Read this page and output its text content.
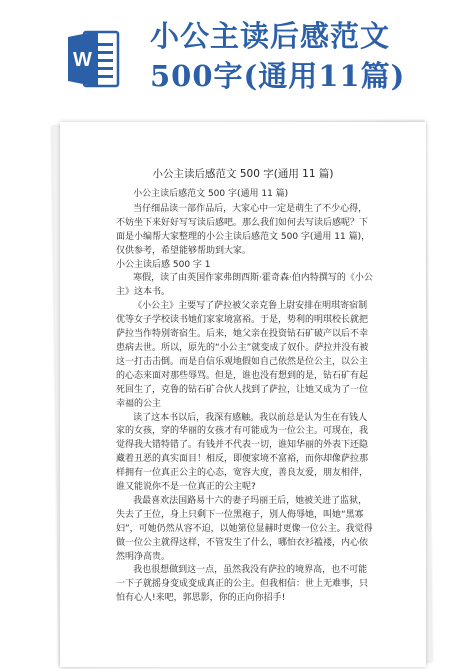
W
小公主读后感范文
500字(通用11篇)
小公主读后感范文 500 字(通用 11 篇)

小公主读后感范文 500 字(通用 11 篇)

当仔细品读一部作品后，大家心中一定是萌生了不少心得，不妨坐下来好好写写读后感吧。那么我们如何去写读后感呢？下面是小编帮大家整理的小公主读后感范文 500 字(通用 11 篇)，仅供参考，希望能够帮助到大家。

小公主读后感 500 字 1

寒假，读了由英国作家弗朗西斯·霍奇森·伯内特撰写的《小公主》这本书。

《小公主》主要写了萨拉被父亲克鲁上尉安排在明琪寄宿制优等女子学校读书她们家家境富裕。于是，势利的明琪校长就把萨拉当作特别寄宿生。后来，她父亲在投资钻石矿破产以后不幸患病去世。所以，原先的“小公主”就变成了奴仆。萨拉并没有被这一打击击倒。而是自信乐观地假如自己依然是位公主，以公主的心态来面对那些辱骂。但是，谁也没有想到的是，钻石矿有起死回生了，克鲁的钻石矿合伙人找到了萨拉，让她又成为了一位幸福的公主

读了这本书以后，我深有感触。我以前总是认为生在有钱人家的女孩，穿的华丽的女孩才有可能成为一位公主。可现在，我觉得我大错特错了。有钱并不代表一切，谁知华丽的外表下还隐藏着丑恶的真实面目！相反，即便家境不富裕，而你却像萨拉那样拥有一位真正公主的心态，宽容大度，善良友爱，朋友相伴，谁又能说你不是一位真正的公主呢?

我最喜欢法国路易十六的妻子玛丽王后，她被关进了监狱，失去了王位，身上只剩下一位黑袍子，别人侮辱她，叫她“黑寡妇”，可她仍然从容不迫，以她第位显赫时更像一位公主。我觉得做一位公主就得这样，不管发生了什么，哪怕衣衫褴褛，内心依然明净高贵。

我也很想做到这一点，虽然我没有萨拉的境界高，也不可能一下子就摇身变成变成真正的公主。但我相信：世上无难事，只怕有心人!来吧，郭思影，你的正向你招手!
